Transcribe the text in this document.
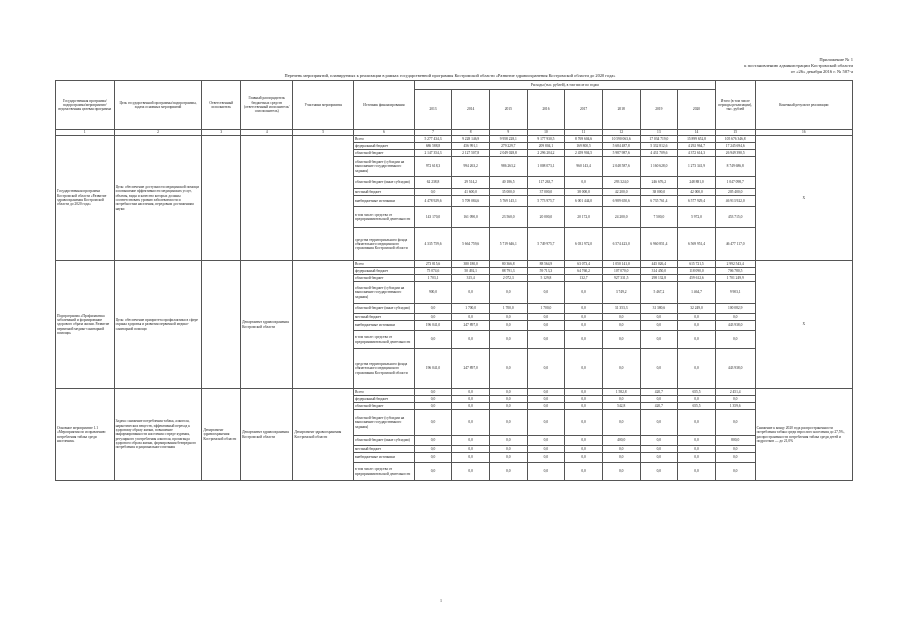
Приложение № 1
к постановлению администрации Костромской области
от «26» декабря 2016 г. № 507-а
Перечень мероприятий, планируемых к реализации в рамках государственной программы Костромской области «Развитие здравоохранения Костромской области до 2020 года»
Государственная программа/подпрограмма/мероприятие/ведомственная целевая программа	Цель государственной программы/подпрограммы, задача основных мероприятий	Ответственный исполнитель	Главный распорядитель бюджетных средств (ответственный исполнитель/соисполнитель)	Участники мероприятия	Источник финансирования	Расходы (тыс. рублей), в том числе по годам								Итого (в том числе периоды реализации), тыс. рублей	Конечный результат реализации
						2013	2014	2015	2016	2017	2018	2019	2020		
1	2	3	4	5	6	7	8	9	10	11	12	13	14	15	16
Государственная программа Костромской области «Развитие здравоохранения Костромской области до 2020 года»	Цель: обеспечение доступности медицинской помощи и повышение эффективности медицинских услуг, объемы, виды и качество которых должны соответствовать уровню заболеваемости и потребностям населения, передовым достижениям науки				Всего	5 277 434,3	9 228 146,9	9 958 228,1	9 177 930,5	8 769 604,6	10 590 063,6	17 034 719,0	15 899 652,8	105 676 346,8	Х
					федеральный бюджет	686 588,8	456 991,1	279 229,7	209 804,1	169 800,5	5 684 487,8	5 332 812,6	4 292 964,7	17 245 694,6	
					областной бюджет	2 147 354,3	2 127 507,8	2 049 028,8	2 296 204,2	2 459 904,5	5 987 987,6	4 431 709,6	4 372 614,3	26 949 390,5	
					областной бюджет (субсидии на выполнение государственного задания)	972 618,3	994 263,2	986 263,2	1 008 073,1	960 143,4	2 048 587,6	1 160 628,0	1 273 341,9	8 749 686,8	
					областной бюджет (иные субсидии)	62 238,8	29 514,2	40 186,5	117 263,7	0,0	293 324,0	246 676,2	248 881,0	1 047 098,7	
					местный бюджет	0,0	41 600,0	35 000,0	37 000,0	38 000,0	42 200,0	38 000,0	42 000,0	205 400,0	
					внебюджетные источники	4 478 929,6	5 709 084,6	5 769 145,1	5 773 975,7	6 001 444,0	6 989 650,6	6 735 761,4	6 577 929,4	46 913 922,0	
					в том числе: средства от предпринимательской деятельности	143 170,0	161 090,0	23 560,0	20 000,0	20 172,0	24 200,0	7 500,0	5 972,0	453 715,0	
					средства территориального фонда обязательного медицинского страхования Костромской области	4 335 759,6	5 664 759,6	5 719 646,1	5 749 975,7	6 031 972,0	6 574 423,0	6 960 851,4	6 569 951,4	46 477 117,0	
Подпрограмма «Профилактика заболеваний и формирование здорового образа жизни. Развитие первичной медико-санитарной помощи»	Цель: обеспечение приоритета профилактики в сфере охраны здоровья и развития первичной медико-санитарной помощи		Департамент здравоохранения Костромской области		Всего	273 815,6	380 180,0	80 366,8	88 564,9	63 073,4	1 050 141,0	445 026,4	615 721,5	2 992 543,4	Х
					федеральный бюджет	75 074,6	50 492,1	88 791,3	59 713,3	64 760,2	107 070,0	314 450,0	118 090,0	706 780,5	
					областной бюджет	1 703,1	315,4	2 072,3	5 129,8	132,7	927 331,5	298 132,8	459 612,6	1 701 249,9	
					областной бюджет (субсидии на выполнение государственного задания)	900,0	0,0	0,0	0,0	0,0	3 749,2	5 467,2	1 464,7	9 903,1	
					областной бюджет (иные субсидии)	0,0	1 700,0	1 700,0	1 700,0	0,0	31 353,3	31 380,6	32 249,0	100 082,9	
					местный бюджет	0,0	0,0	0,0	0,0	0,0	0,0	0,0	0,0	0,0	
					внебюджетные источники	196 041,0	247 897,0	0,0	0,0	0,0	0,0	0,0	0,0	443 938,0	
					в том числе: средства от предпринимательской деятельности	0,0	0,0	0,0	0,0	0,0	0,0	0,0	0,0	0,0	
					средства территориального фонда обязательного медицинского страхования Костромской области	196 041,0	247 897,0	0,0	0,0	0,0	0,0	0,0	0,0	443 938,0	
Основное мероприятие 1.1 «Мероприятия по исправлению потребления табака среди населения»	Задача: снижение потребления табака, алкоголя, наркотических веществ, эффективный переход к здоровому образу жизни, повышение информированности населения о вреде курения, регулярного употребления алкоголя, пропаганда здорового образа жизни, формирования безвредного потребления и рационального питания	Департамент здравоохранения Костромской области	Департамент здравоохранения Костромской области	Департамент здравоохранения Костромской области	Всего	0,0	0,0	0,0	0,0	0,0	1 582,8	420,7	655,5	2 451,4	Снижение к концу 2020 года распространенности потребления табака среди взрослого населения до 27,5%, распространенности потребления табака среди детей и подростков — до 21,0%
					федеральный бюджет	0,0	0,0	0,0	0,0	0,0	0,0	0,0	0,0	0,0	
					областной бюджет	0,0	0,0	0,0	0,0	0,0	542,8	420,7	655,5	1 359,6	
					областной бюджет (субсидии на выполнение государственного задания)	0,0	0,0	0,0	0,0	0,0	0,0	0,0	0,0	0,0	
					областной бюджет (иные субсидии)	0,0	0,0	0,0	0,0	0,0	400,0	0,0	0,0	800,0	
					местный бюджет	0,0	0,0	0,0	0,0	0,0	0,0	0,0	0,0	0,0	
					внебюджетные источники	0,0	0,0	0,0	0,0	0,0	0,0	0,0	0,0	0,0	
					в том числе: средства от предпринимательской деятельности	0,0	0,0	0,0	0,0	0,0	0,0	0,0	0,0	0,0	
1
